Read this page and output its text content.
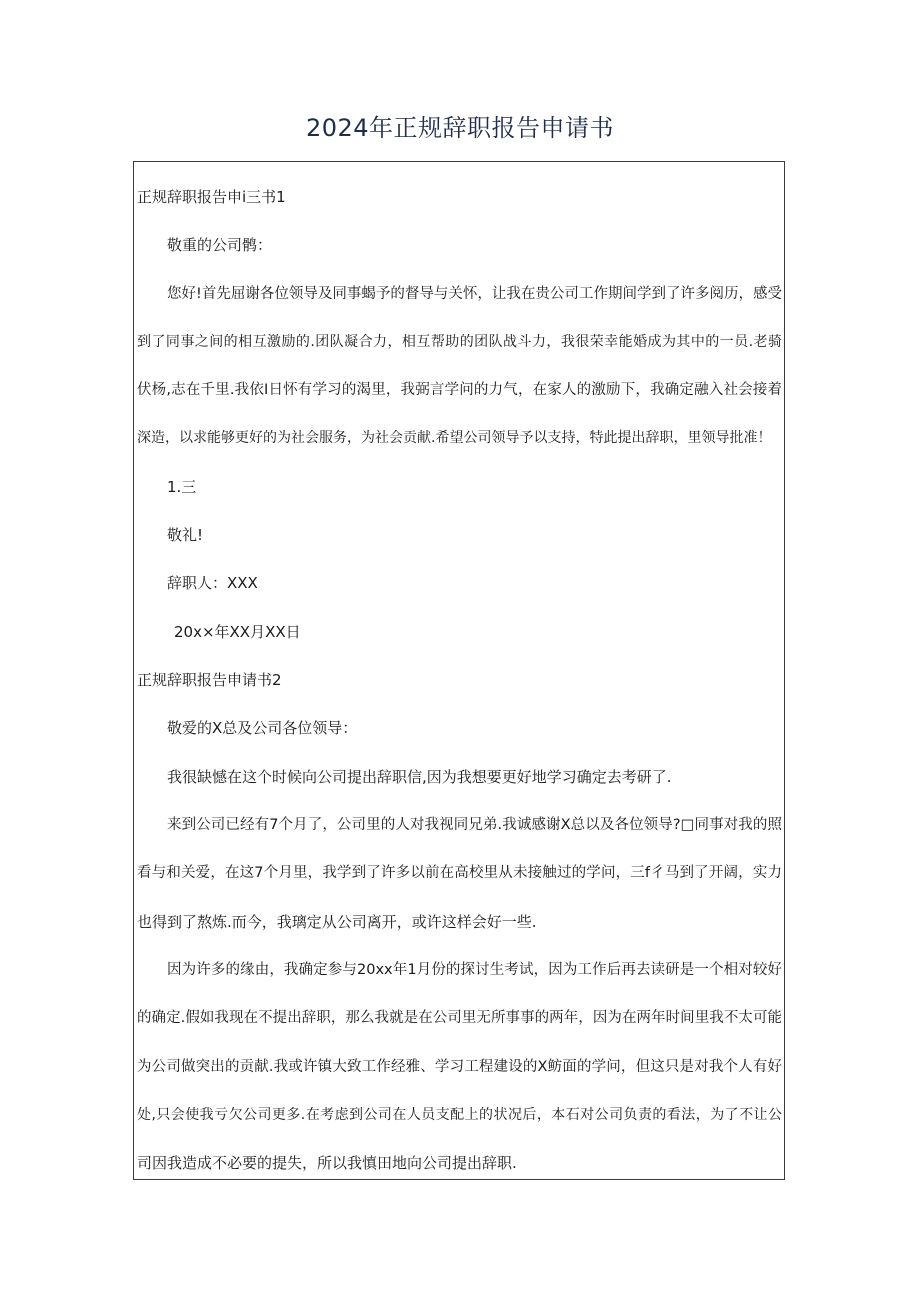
2024年正规辞职报告申请书
正规辞职报告申i三书1
敬重的公司鹘：
您好!首先屈谢各位领导及同事蝎予的督导与关怀，让我在贵公司工作期间学到了许多阅历，感受
到了同事之间的相互激励的.团队凝合力，相互帮助的团队战斗力，我很荣幸能婚成为其中的一员.老骑
伏杨,志在千里.我依I日怀有学习的渴里，我弼言学问的力气，在家人的激励下，我确定融入社会接着
深造，以求能够更好的为社会服务，为社会贡献.希望公司领导予以支持，特此提出辞职，里领导批准！
1.三
敬礼!
辞职人：XXX
20x×年XX月XX日
正规辞职报告申请书2
敬爱的X总及公司各位领导：
我很缺憾在这个时候向公司提出辞职信,因为我想要更好地学习确定去考研了.
来到公司已经有7个月了，公司里的人对我视同兄弟.我诚感谢X总以及各位领导?□同事对我的照
看与和关爱，在这7个月里，我学到了许多以前在高校里从未接触过的学问，三f彳马到了开阔，实力
也得到了熬炼.而今，我璃定从公司离开，或许这样会好一些.
因为许多的缘由，我确定参与20xx年1月份的探讨生考试，因为工作后再去读研是一个相对较好
的确定.假如我现在不提出辞职，那么我就是在公司里无所事事的两年，因为在两年时间里我不太可能
为公司做突出的贡献.我或许镇大致工作经雅、学习工程建设的X鲂面的学问，但这只是对我个人有好
处,只会使我亏欠公司更多.在考虑到公司在人员支配上的状况后，本石对公司负责的看法，为了不让公
司因我造成不必要的提失，所以我慎田地向公司提出辞职.
